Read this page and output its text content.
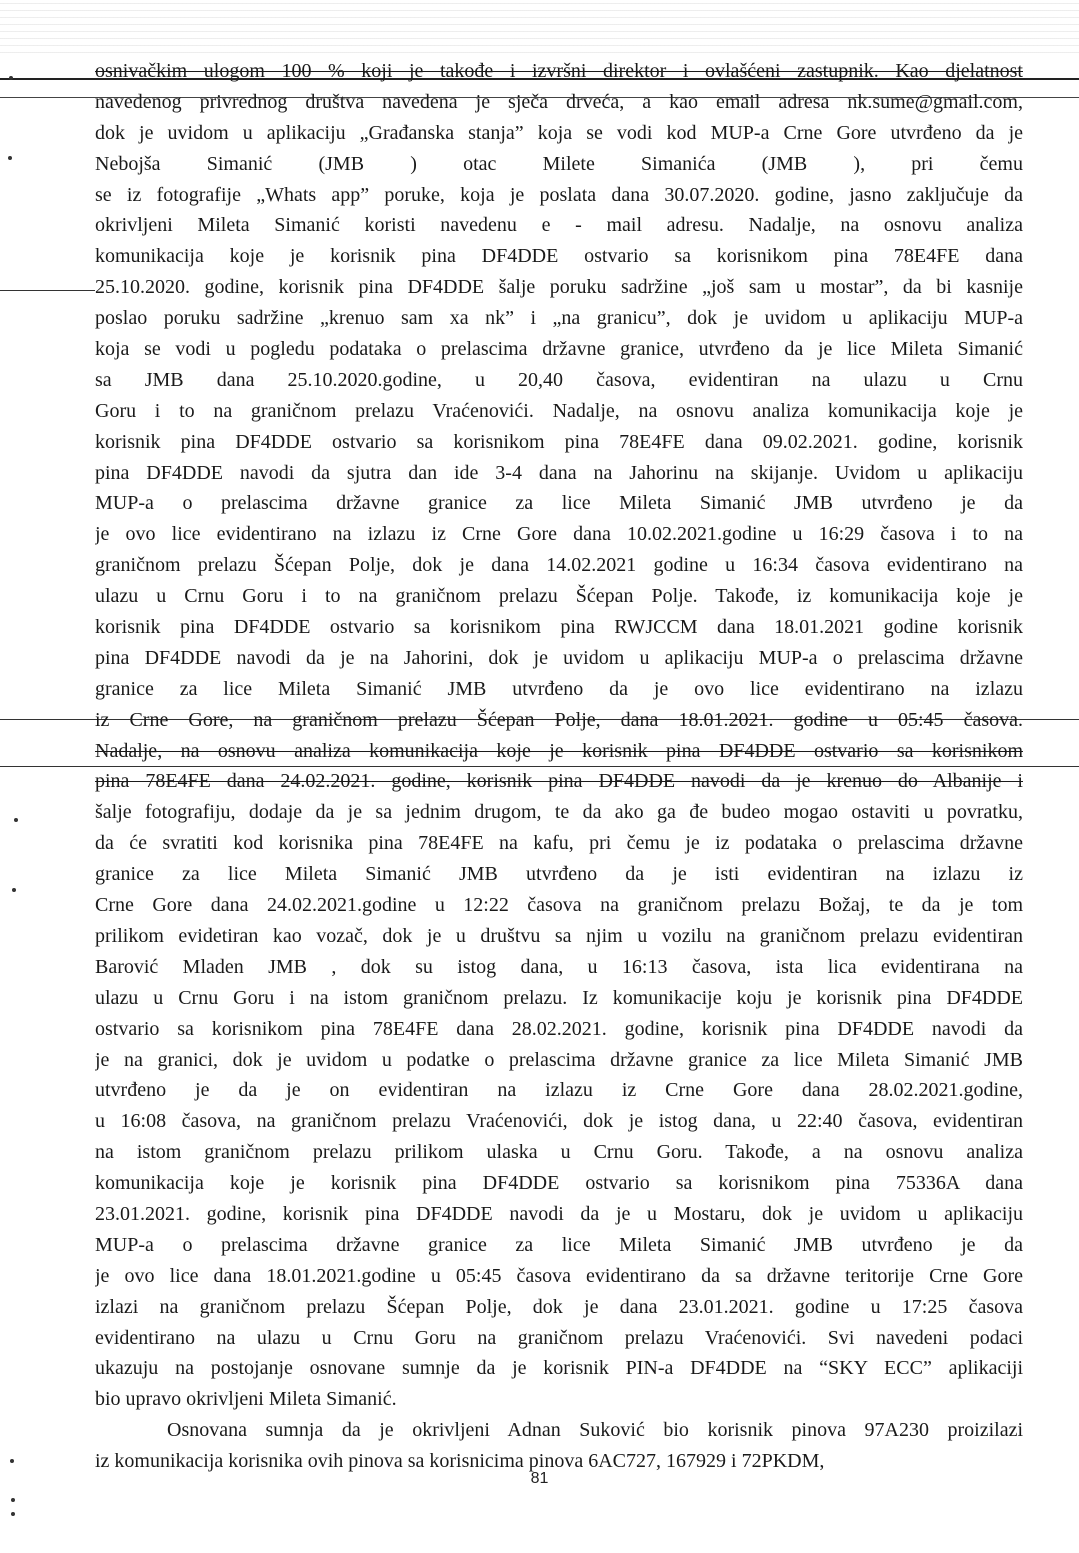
osnivačkim ulogom 100 % koji je takođe i izvršni direktor i ovlašćeni zastupnik. Kao djelatnost
navedenog privrednog društva navedena je sječa drveća, a kao email adresa nk.sume@gmail.com,
dok je uvidom u aplikaciju „Građanska stanja” koja se vodi kod MUP-a Crne Gore utvrđeno da je
Nebojša Simanić (JMB ) otac Milete Simanića (JMB ), pri čemu
se iz fotografije „Whats app” poruke, koja je poslata dana 30.07.2020. godine, jasno zaključuje da
okrivljeni Mileta Simanić koristi navedenu e - mail adresu. Nadalje, na osnovu analiza
komunikacija koje je korisnik pina DF4DDE ostvario sa korisnikom pina 78E4FE dana
25.10.2020. godine, korisnik pina DF4DDE šalje poruku sadržine „još sam u mostar”, da bi kasnije
poslao poruku sadržine „krenuo sam xa nk” i „na granicu”, dok je uvidom u aplikaciju MUP-a
koja se vodi u pogledu podataka o prelascima državne granice, utvrđeno da je lice Mileta Simanić
sa JMB dana 25.10.2020.godine, u 20,40 časova, evidentiran na ulazu u Crnu
Goru i to na graničnom prelazu Vraćenovići. Nadalje, na osnovu analiza komunikacija koje je
korisnik pina DF4DDE ostvario sa korisnikom pina 78E4FE dana 09.02.2021. godine, korisnik
pina DF4DDE navodi da sjutra dan ide 3-4 dana na Jahorinu na skijanje. Uvidom u aplikaciju
MUP-a o prelascima državne granice za lice Mileta Simanić JMB utvrđeno je da
je ovo lice evidentirano na izlazu iz Crne Gore dana 10.02.2021.godine u 16:29 časova i to na
graničnom prelazu Šćepan Polje, dok je dana 14.02.2021 godine u 16:34 časova evidentirano na
ulazu u Crnu Goru i to na graničnom prelazu Šćepan Polje. Takođe, iz komunikacija koje je
korisnik pina DF4DDE ostvario sa korisnikom pina RWJCCM dana 18.01.2021 godine korisnik
pina DF4DDE navodi da je na Jahorini, dok je uvidom u aplikaciju MUP-a o prelascima državne
granice za lice Mileta Simanić JMB utvrđeno da je ovo lice evidentirano na izlazu
iz Crne Gore, na graničnom prelazu Šćepan Polje, dana 18.01.2021. godine u 05:45 časova.
Nadalje, na osnovu analiza komunikacija koje je korisnik pina DF4DDE ostvario sa korisnikom
pina 78E4FE dana 24.02.2021. godine, korisnik pina DF4DDE navodi da je krenuo do Albanije i
šalje fotografiju, dodaje da je sa jednim drugom, te da ako ga đe budeo mogao ostaviti u povratku,
da će svratiti kod korisnika pina 78E4FE na kafu, pri čemu je iz podataka o prelascima državne
granice za lice Mileta Simanić JMB utvrđeno da je isti evidentiran na izlazu iz
Crne Gore dana 24.02.2021.godine u 12:22 časova na graničnom prelazu Božaj, te da je tom
prilikom evidetiran kao vozač, dok je u društvu sa njim u vozilu na graničnom prelazu evidentiran
Barović Mladen JMB , dok su istog dana, u 16:13 časova, ista lica evidentirana na
ulazu u Crnu Goru i na istom graničnom prelazu. Iz komunikacije koju je korisnik pina DF4DDE
ostvario sa korisnikom pina 78E4FE dana 28.02.2021. godine, korisnik pina DF4DDE navodi da
je na granici, dok je uvidom u podatke o prelascima državne granice za lice Mileta Simanić JMB
utvrđeno je da je on evidentiran na izlazu iz Crne Gore dana 28.02.2021.godine,
u 16:08 časova, na graničnom prelazu Vraćenovići, dok je istog dana, u 22:40 časova, evidentiran
na istom graničnom prelazu prilikom ulaska u Crnu Goru. Takođe, a na osnovu analiza
komunikacija koje je korisnik pina DF4DDE ostvario sa korisnikom pina 75336A dana
23.01.2021. godine, korisnik pina DF4DDE navodi da je u Mostaru, dok je uvidom u aplikaciju
MUP-a o prelascima državne granice za lice Mileta Simanić JMB utvrđeno je da
je ovo lice dana 18.01.2021.godine u 05:45 časova evidentirano da sa državne teritorije Crne Gore
izlazi na graničnom prelazu Šćepan Polje, dok je dana 23.01.2021. godine u 17:25 časova
evidentirano na ulazu u Crnu Goru na graničnom prelazu Vraćenovići. Svi navedeni podaci
ukazuju na postojanje osnovane sumnje da je korisnik PIN-a DF4DDE na “SKY ECC” aplikaciji
bio upravo okrivljeni Mileta Simanić.
Osnovana sumnja da je okrivljeni Adnan Suković bio korisnik pinova 97A230 proizilazi
iz komunikacija korisnika ovih pinova sa korisnicima pinova 6AC727, 167929 i 72PKDM,
81
